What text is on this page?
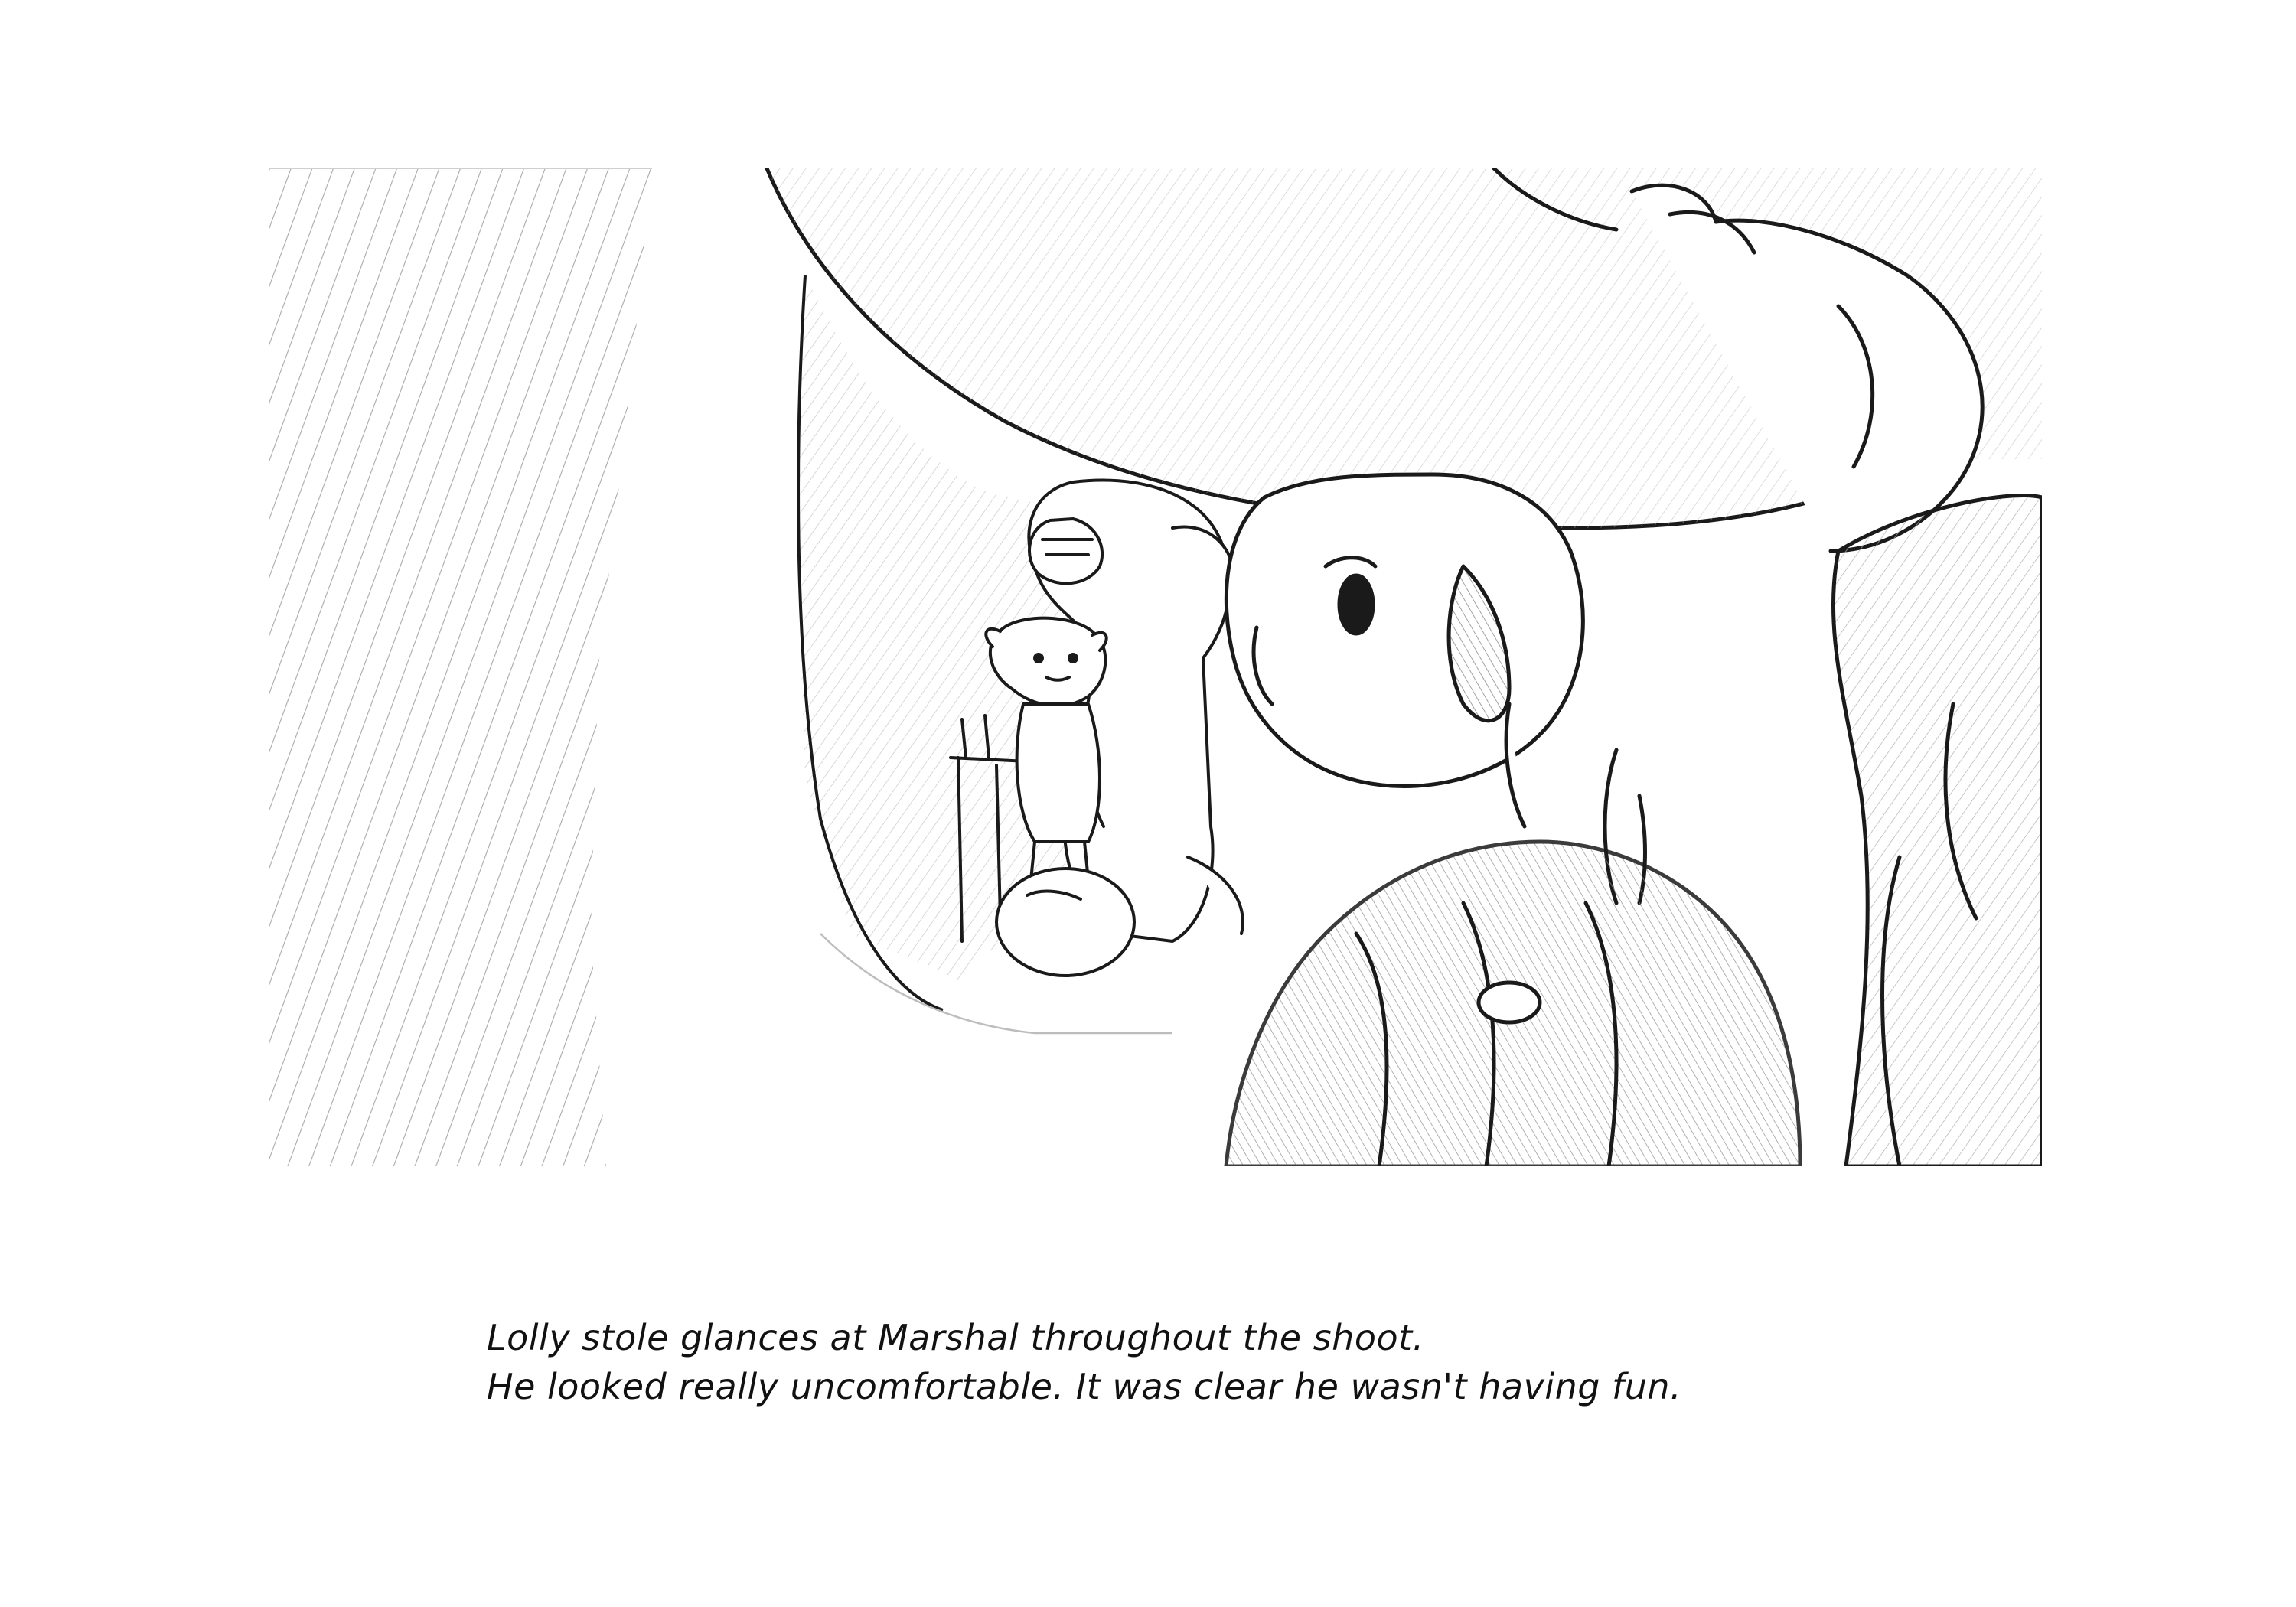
Lolly stole glances at Marshal throughout the shoot.
He looked really uncomfortable. It was clear he wasn't having fun.
